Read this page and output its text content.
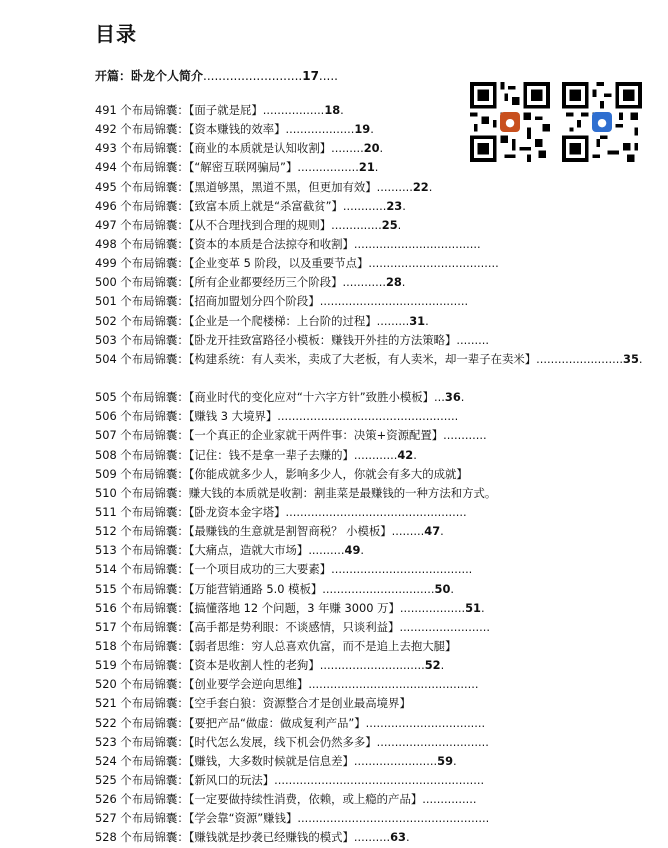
目录
开篇：卧龙个人简介..........................17.....
●	●
491 个布局锦囊：【面子就是屁】.................18.
492 个布局锦囊：【资本赚钱的效率】...................19.
493 个布局锦囊：【商业的本质就是认知收割】.........20.
494 个布局锦囊：【“解密互联网骗局”】.................21.
495 个布局锦囊：【黑道够黑，黑道不黑，但更加有效】..........22.
496 个布局锦囊：【致富本质上就是“杀富截贫”】............23.
497 个布局锦囊：【从不合理找到合理的规则】..............25.
498 个布局锦囊：【资本的本质是合法掠夺和收割】...................................
499 个布局锦囊：【企业变革 5 阶段，以及重要节点】....................................
500 个布局锦囊：【所有企业都要经历三个阶段】............28.
501 个布局锦囊：【招商加盟划分四个阶段】.........................................
502 个布局锦囊：【企业是一个爬楼梯：上台阶的过程】.........31.
503 个布局锦囊：【卧龙开挂致富路径小模板：赚钱开外挂的方法策略】.........
504 个布局锦囊：【构建系统：有人卖米，卖成了大老板，有人卖米，却一辈子在卖米】........................35.
505 个布局锦囊：【商业时代的变化应对“十六字方针”致胜小模板】...36.
506 个布局锦囊：【赚钱 3 大境界】..................................................
507 个布局锦囊：【一个真正的企业家就干两件事：决策+资源配置】............
508 个布局锦囊：【记住：钱不是拿一辈子去赚的】............42.
509 个布局锦囊：【你能成就多少人，影响多少人，你就会有多大的成就】
510 个布局锦囊：赚大钱的本质就是收割：割韭菜是最赚钱的一种方法和方式。
511 个布局锦囊：【卧龙资本金字塔】..................................................
512 个布局锦囊：【最赚钱的生意就是割智商税？ 小模板】.........47.
513 个布局锦囊：【大痛点，造就大市场】..........49.
514 个布局锦囊：【一个项目成功的三大要素】.......................................
515 个布局锦囊：【万能营销通路 5.0 模板】...............................50.
516 个布局锦囊：【搞懂落地 12 个问题，3 年赚 3000 万】..................51.
517 个布局锦囊：【高手都是势利眼：不谈感情，只谈利益】.........................
518 个布局锦囊：【弱者思维：穷人总喜欢仇富，而不是追上去抱大腿】
519 个布局锦囊：【资本是收割人性的老狗】.............................52.
520 个布局锦囊：【创业要学会逆向思维】...............................................
521 个布局锦囊：【空手套白狼：资源整合才是创业最高境界】
522 个布局锦囊：【要把产品“做虚：做成复利产品”】.................................
523 个布局锦囊：【时代怎么发展，线下机会仍然多多】...............................
524 个布局锦囊：【赚钱，大多数时候就是信息差】.......................59.
525 个布局锦囊：【新风口的玩法】..........................................................
526 个布局锦囊：【一定要做持续性消费，依赖，或上瘾的产品】...............
527 个布局锦囊：【学会靠“资源”赚钱】.....................................................
528 个布局锦囊：【赚钱就是抄袭已经赚钱的模式】..........63.
